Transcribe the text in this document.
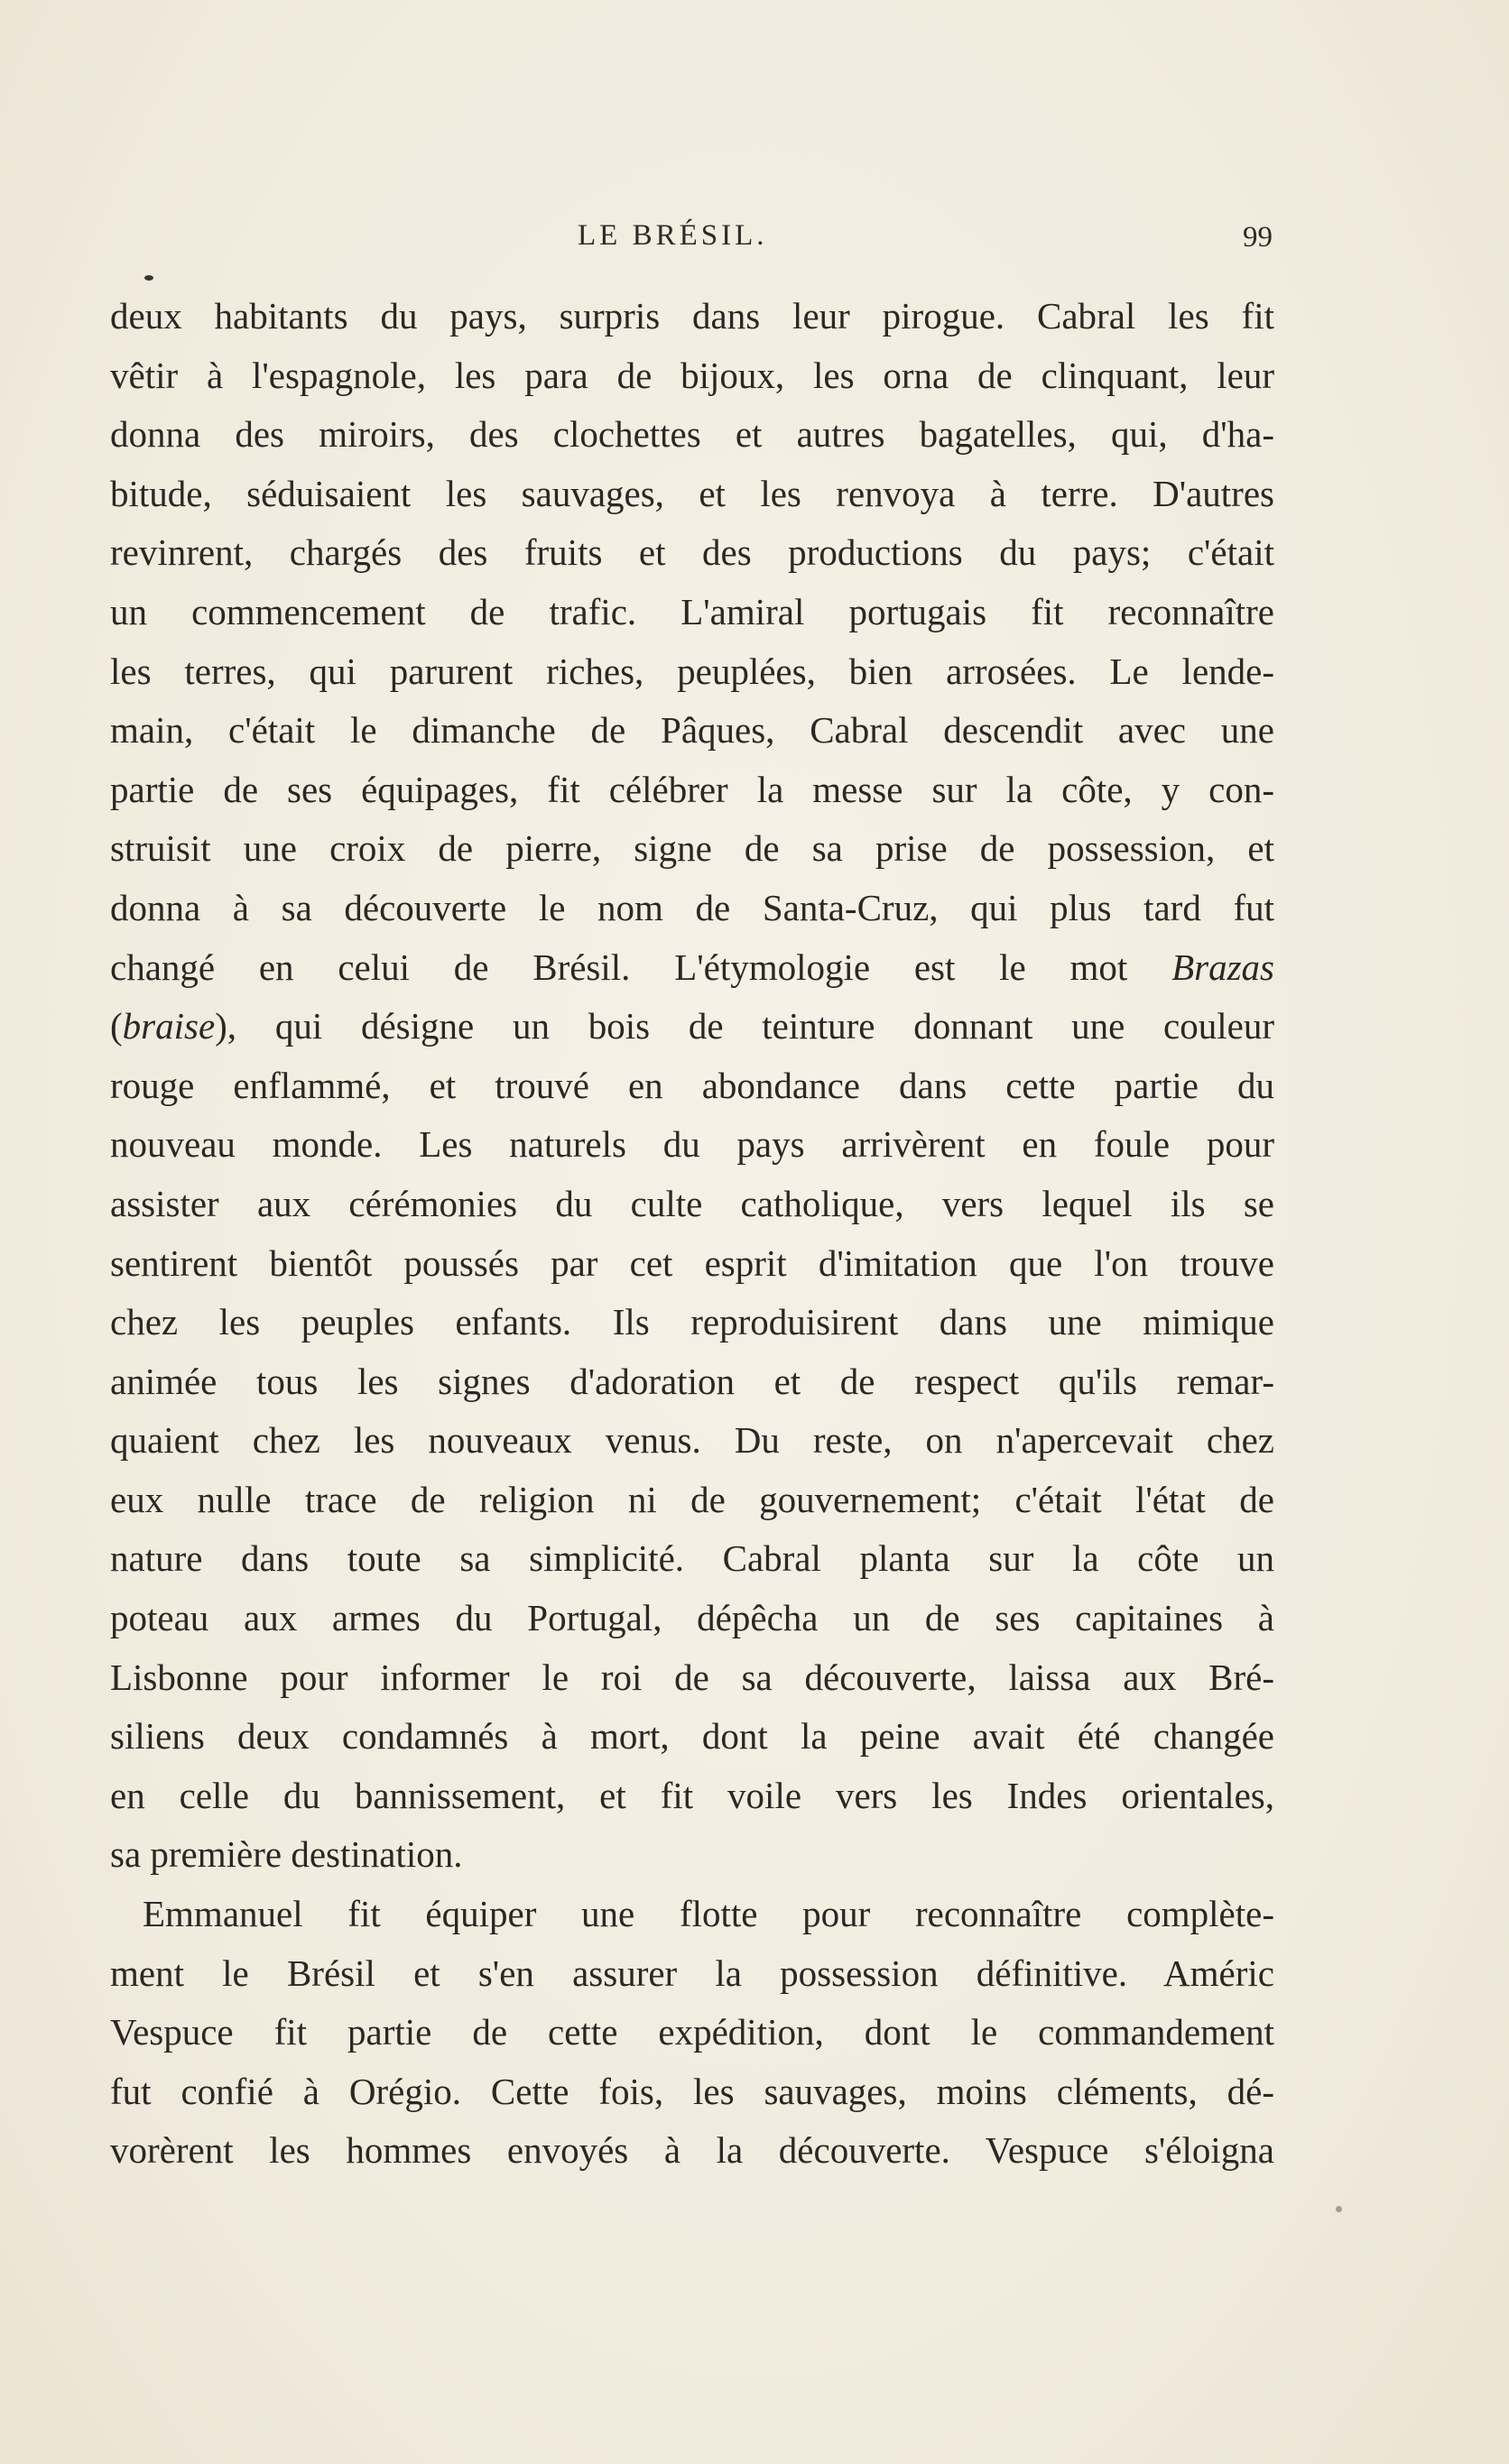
LE BRÉSIL.	99
deux habitants du pays, surpris dans leur pirogue. Cabral les fit
vêtir à l'espagnole, les para de bijoux, les orna de clinquant, leur
donna des miroirs, des clochettes et autres bagatelles, qui, d'ha-
bitude, séduisaient les sauvages, et les renvoya à terre. D'autres
revinrent, chargés des fruits et des productions du pays; c'était
un commencement de trafic. L'amiral portugais fit reconnaître
les terres, qui parurent riches, peuplées, bien arrosées. Le lende-
main, c'était le dimanche de Pâques, Cabral descendit avec une
partie de ses équipages, fit célébrer la messe sur la côte, y con-
struisit une croix de pierre, signe de sa prise de possession, et
donna à sa découverte le nom de Santa-Cruz, qui plus tard fut
changé en celui de Brésil. L'étymologie est le mot Brazas
(braise), qui désigne un bois de teinture donnant une couleur
rouge enflammé, et trouvé en abondance dans cette partie du
nouveau monde. Les naturels du pays arrivèrent en foule pour
assister aux cérémonies du culte catholique, vers lequel ils se
sentirent bientôt poussés par cet esprit d'imitation que l'on trouve
chez les peuples enfants. Ils reproduisirent dans une mimique
animée tous les signes d'adoration et de respect qu'ils remar-
quaient chez les nouveaux venus. Du reste, on n'apercevait chez
eux nulle trace de religion ni de gouvernement; c'était l'état de
nature dans toute sa simplicité. Cabral planta sur la côte un
poteau aux armes du Portugal, dépêcha un de ses capitaines à
Lisbonne pour informer le roi de sa découverte, laissa aux Bré-
siliens deux condamnés à mort, dont la peine avait été changée
en celle du bannissement, et fit voile vers les Indes orientales,
sa première destination.
Emmanuel fit équiper une flotte pour reconnaître complète-
ment le Brésil et s'en assurer la possession définitive. Améric
Vespuce fit partie de cette expédition, dont le commandement
fut confié à Orégio. Cette fois, les sauvages, moins cléments, dé-
vorèrent les hommes envoyés à la découverte. Vespuce s'éloigna
